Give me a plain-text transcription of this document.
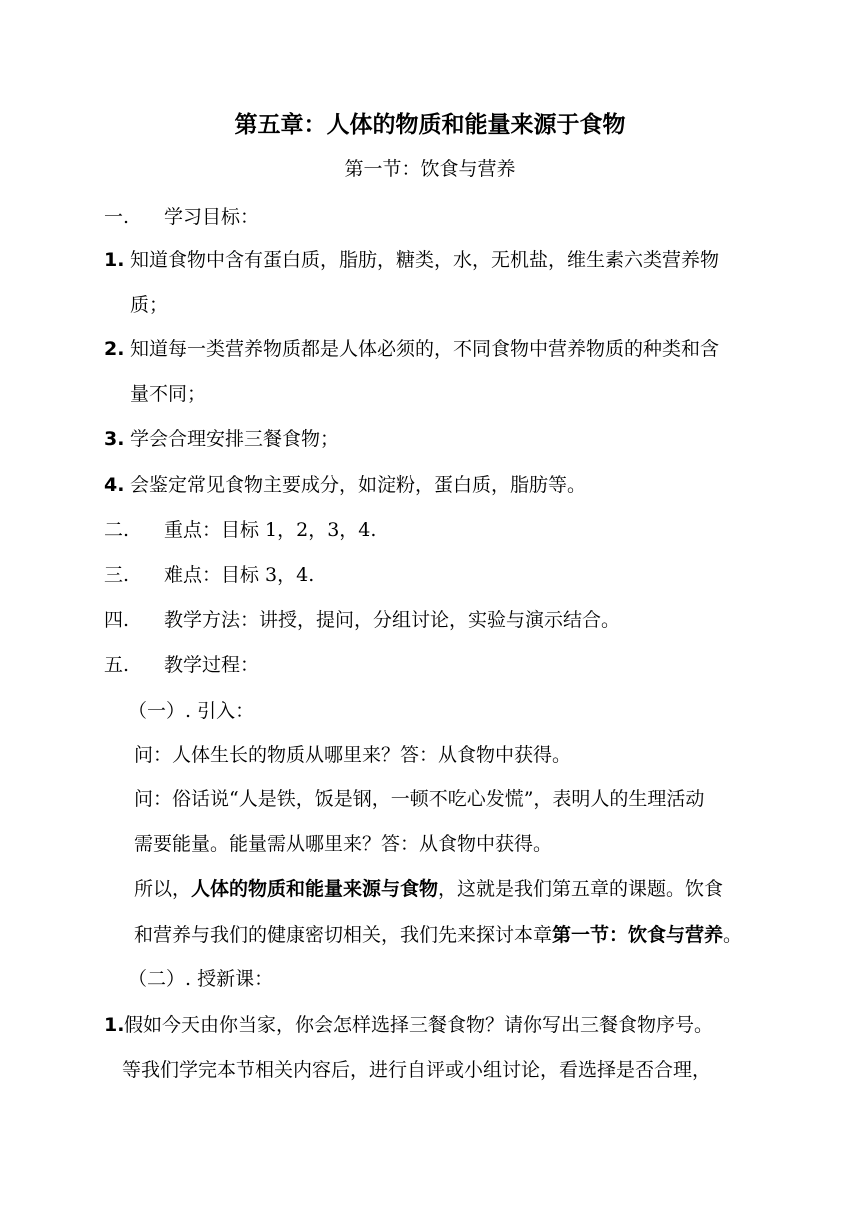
第五章：人体的物质和能量来源于食物
第一节：饮食与营养
一. 学习目标：
1. 知道食物中含有蛋白质，脂肪，糖类，水，无机盐，维生素六类营养物
质；
2. 知道每一类营养物质都是人体必须的，不同食物中营养物质的种类和含
量不同；
3. 学会合理安排三餐食物；
4. 会鉴定常见食物主要成分，如淀粉，蛋白质，脂肪等。
二. 重点：目标 1，2，3，4.
三. 难点：目标 3，4.
四. 教学方法：讲授，提问，分组讨论，实验与演示结合。
五. 教学过程：
（一）. 引入：
问：人体生长的物质从哪里来？答：从食物中获得。
问：俗话说“人是铁，饭是钢，一顿不吃心发慌”，表明人的生理活动
需要能量。能量需从哪里来？答：从食物中获得。
所以，人体的物质和能量来源与食物，这就是我们第五章的课题。饮食
和营养与我们的健康密切相关，我们先来探讨本章第一节：饮食与营养。
（二）. 授新课：
1. 假如今天由你当家，你会怎样选择三餐食物？请你写出三餐食物序号。
等我们学完本节相关内容后，进行自评或小组讨论，看选择是否合理，
